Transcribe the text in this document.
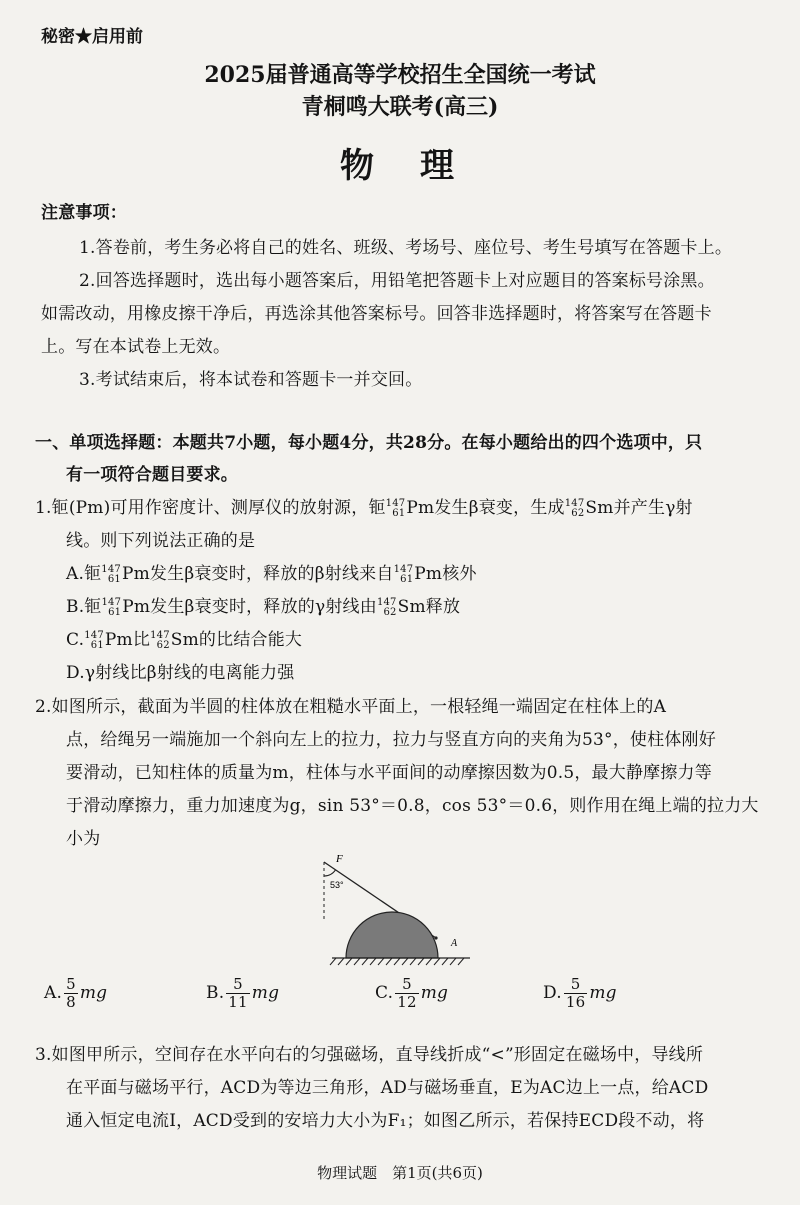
秘密★启用前
2025届普通高等学校招生全国统一考试
青桐鸣大联考(高三)
物　理
注意事项：
1.答卷前，考生务必将自己的姓名、班级、考场号、座位号、考生号填写在答题卡上。
2.回答选择题时，选出每小题答案后，用铅笔把答题卡上对应题目的答案标号涂黑。
如需改动，用橡皮擦干净后，再选涂其他答案标号。回答非选择题时，将答案写在答题卡
上。写在本试卷上无效。
3.考试结束后，将本试卷和答题卡一并交回。
一、单项选择题：本题共7小题，每小题4分，共28分。在每小题给出的四个选项中，只
有一项符合题目要求。
1.钷(Pm)可用作密度计、测厚仪的放射源，钷 147
61 Pm发生β衰变，生成 147
62 Sm并产生γ射
线。则下列说法正确的是
A.钷 147
61 Pm发生β衰变时，释放的β射线来自 147
61 Pm核外
B.钷 147
61 Pm发生β衰变时，释放的γ射线由 147
62 Sm释放
C. 147
61 Pm比 147
62 Sm的比结合能大
D.γ射线比β射线的电离能力强
2.如图所示，截面为半圆的柱体放在粗糙水平面上，一根轻绳一端固定在柱体上的A
点，给绳另一端施加一个斜向左上的拉力，拉力与竖直方向的夹角为53°，使柱体刚好
要滑动，已知柱体的质量为m，柱体与水平面间的动摩擦因数为0.5，最大静摩擦力等
于滑动摩擦力，重力加速度为g，sin 53°＝0.8，cos 53°＝0.6，则作用在绳上端的拉力大
小为
F
53°
A
A. $\frac{5}{8}$ mg	B. $\frac{5}{11}$ mg	C. $\frac{5}{12}$ mg	D. $\frac{5}{16}$ mg
3.如图甲所示，空间存在水平向右的匀强磁场，直导线折成“<”形固定在磁场中，导线所
在平面与磁场平行，ACD为等边三角形，AD与磁场垂直，E为AC边上一点，给ACD
通入恒定电流I，ACD受到的安培力大小为F₁；如图乙所示，若保持ECD段不动，将
物理试题　第1页(共6页)
